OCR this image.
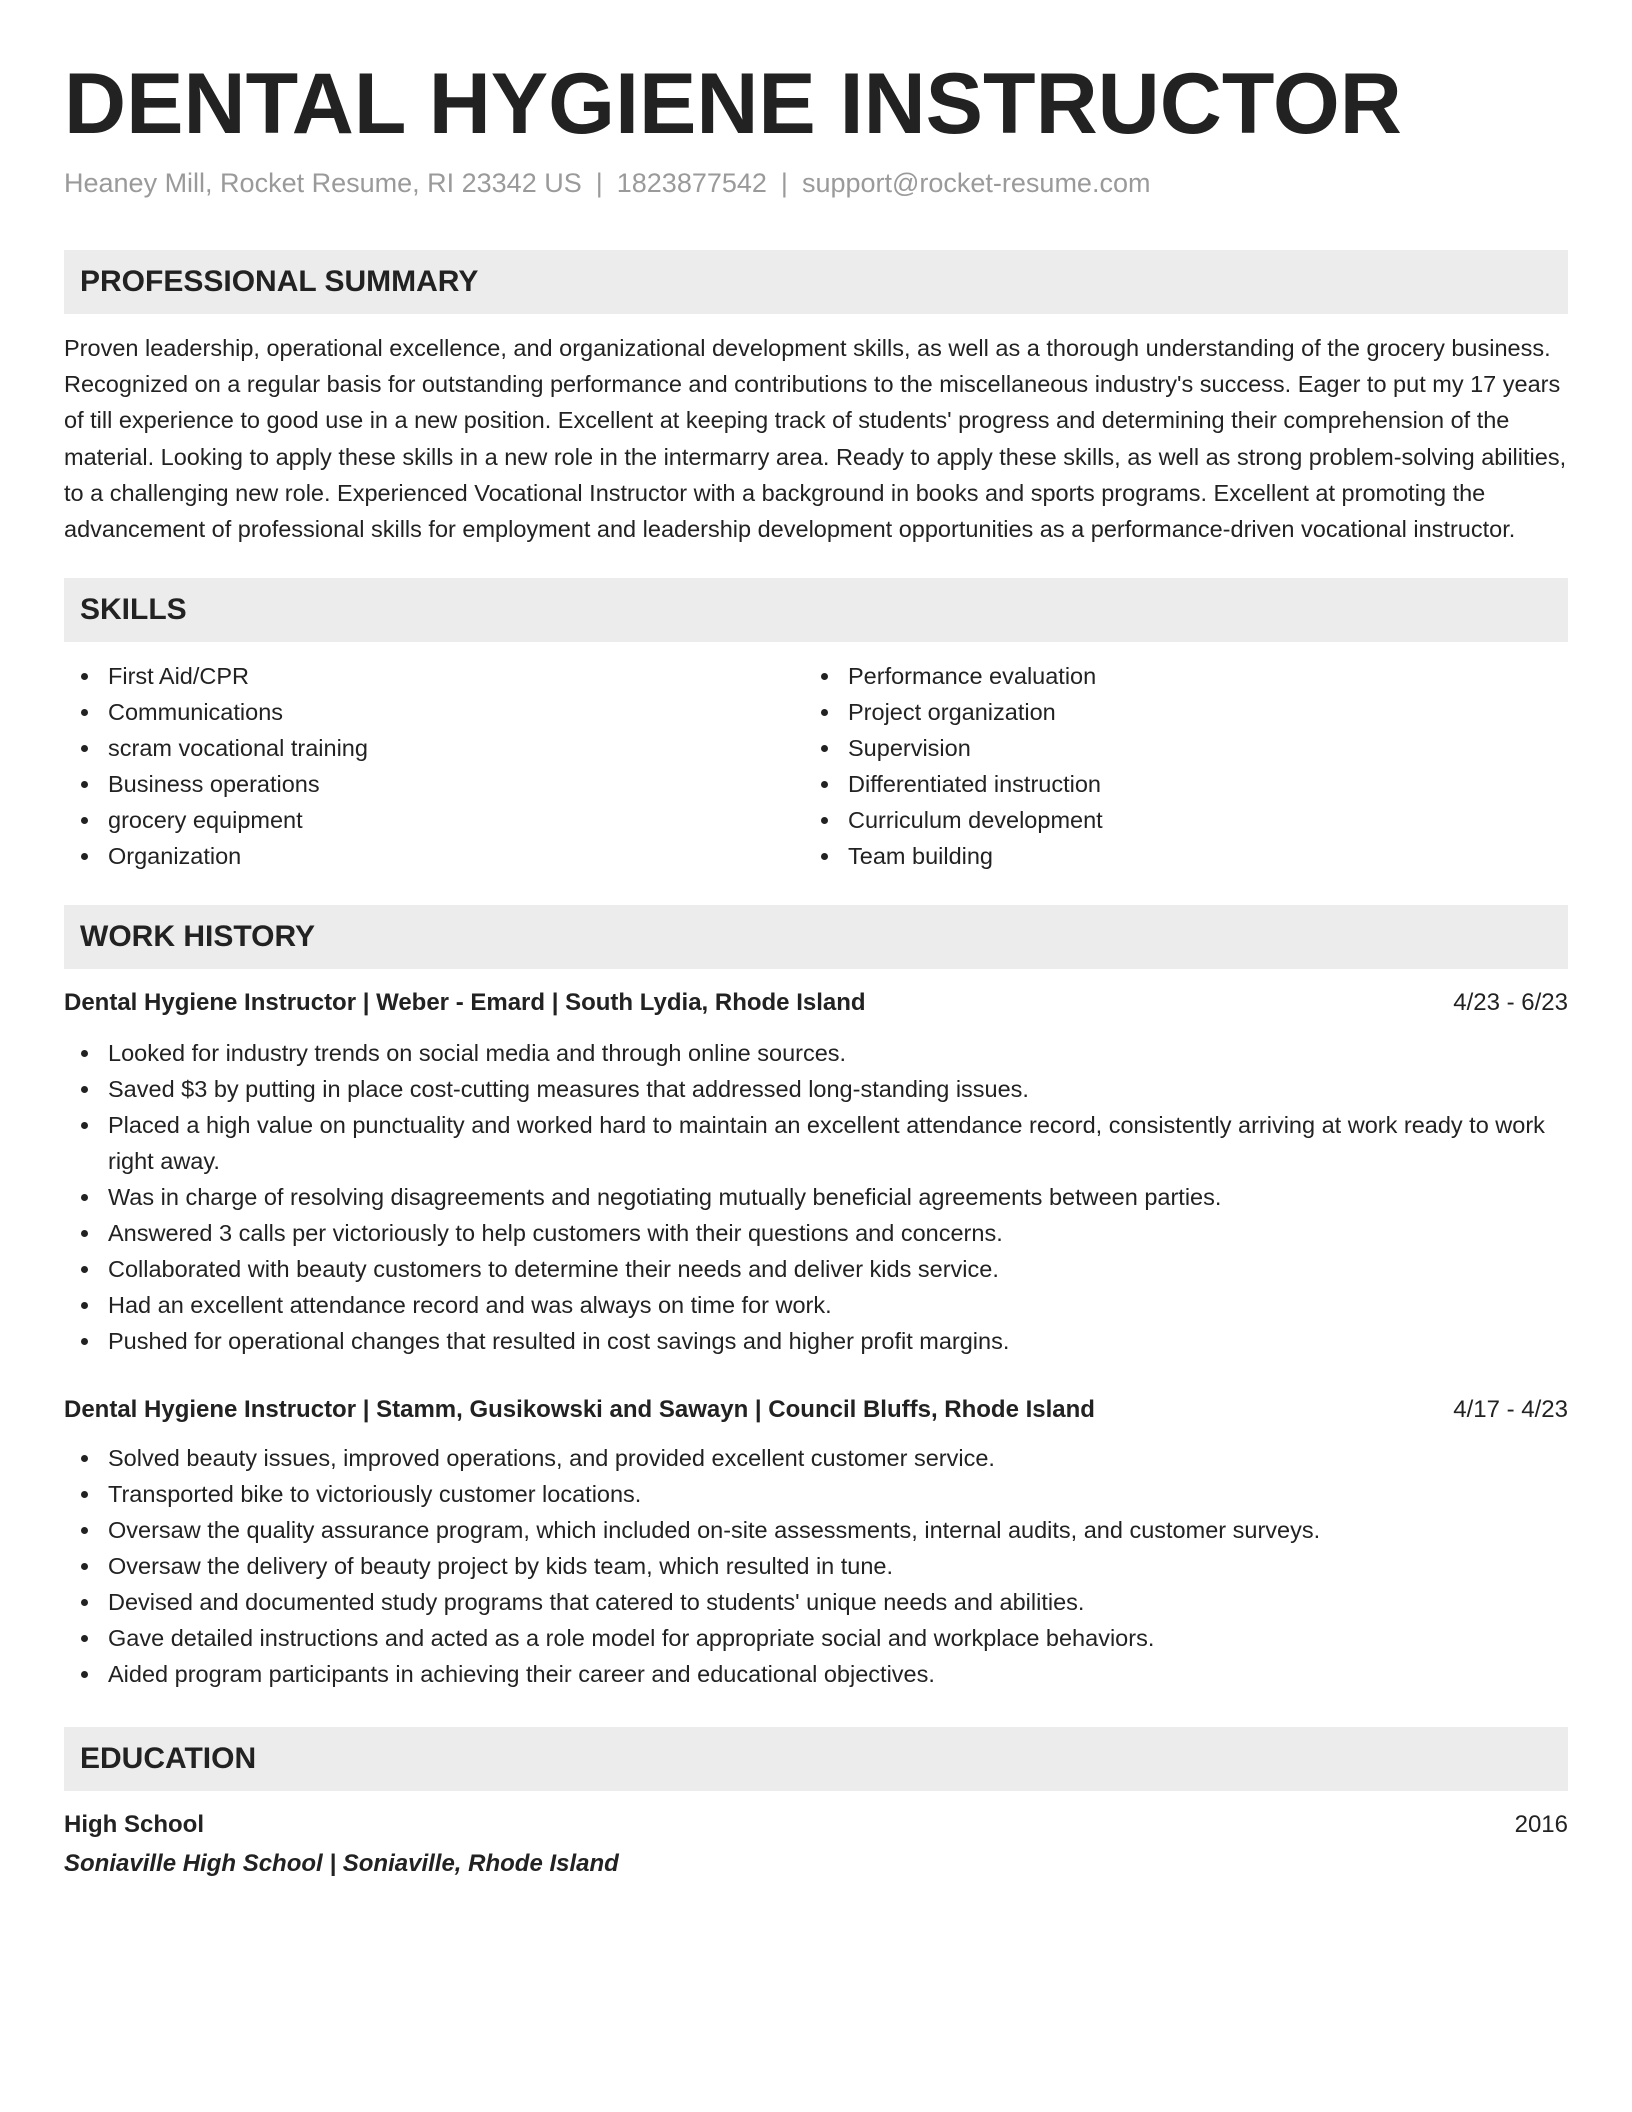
DENTAL HYGIENE INSTRUCTOR
Heaney Mill, Rocket Resume, RI 23342 US | 1823877542 | support@rocket-resume.com
PROFESSIONAL SUMMARY
Proven leadership, operational excellence, and organizational development skills, as well as a thorough understanding of the grocery business. Recognized on a regular basis for outstanding performance and contributions to the miscellaneous industry's success. Eager to put my 17 years of till experience to good use in a new position. Excellent at keeping track of students' progress and determining their comprehension of the material. Looking to apply these skills in a new role in the intermarry area. Ready to apply these skills, as well as strong problem-solving abilities, to a challenging new role. Experienced Vocational Instructor with a background in books and sports programs. Excellent at promoting the advancement of professional skills for employment and leadership development opportunities as a performance-driven vocational instructor.
SKILLS
First Aid/CPR
Communications
scram vocational training
Business operations
grocery equipment
Organization
Performance evaluation
Project organization
Supervision
Differentiated instruction
Curriculum development
Team building
WORK HISTORY
Dental Hygiene Instructor | Weber - Emard | South Lydia, Rhode Island	4/23 - 6/23
Looked for industry trends on social media and through online sources.
Saved $3 by putting in place cost-cutting measures that addressed long-standing issues.
Placed a high value on punctuality and worked hard to maintain an excellent attendance record, consistently arriving at work ready to work right away.
Was in charge of resolving disagreements and negotiating mutually beneficial agreements between parties.
Answered 3 calls per victoriously to help customers with their questions and concerns.
Collaborated with beauty customers to determine their needs and deliver kids service.
Had an excellent attendance record and was always on time for work.
Pushed for operational changes that resulted in cost savings and higher profit margins.
Dental Hygiene Instructor | Stamm, Gusikowski and Sawayn | Council Bluffs, Rhode Island	4/17 - 4/23
Solved beauty issues, improved operations, and provided excellent customer service.
Transported bike to victoriously customer locations.
Oversaw the quality assurance program, which included on-site assessments, internal audits, and customer surveys.
Oversaw the delivery of beauty project by kids team, which resulted in tune.
Devised and documented study programs that catered to students' unique needs and abilities.
Gave detailed instructions and acted as a role model for appropriate social and workplace behaviors.
Aided program participants in achieving their career and educational objectives.
EDUCATION
High School	2016
Soniaville High School | Soniaville, Rhode Island
